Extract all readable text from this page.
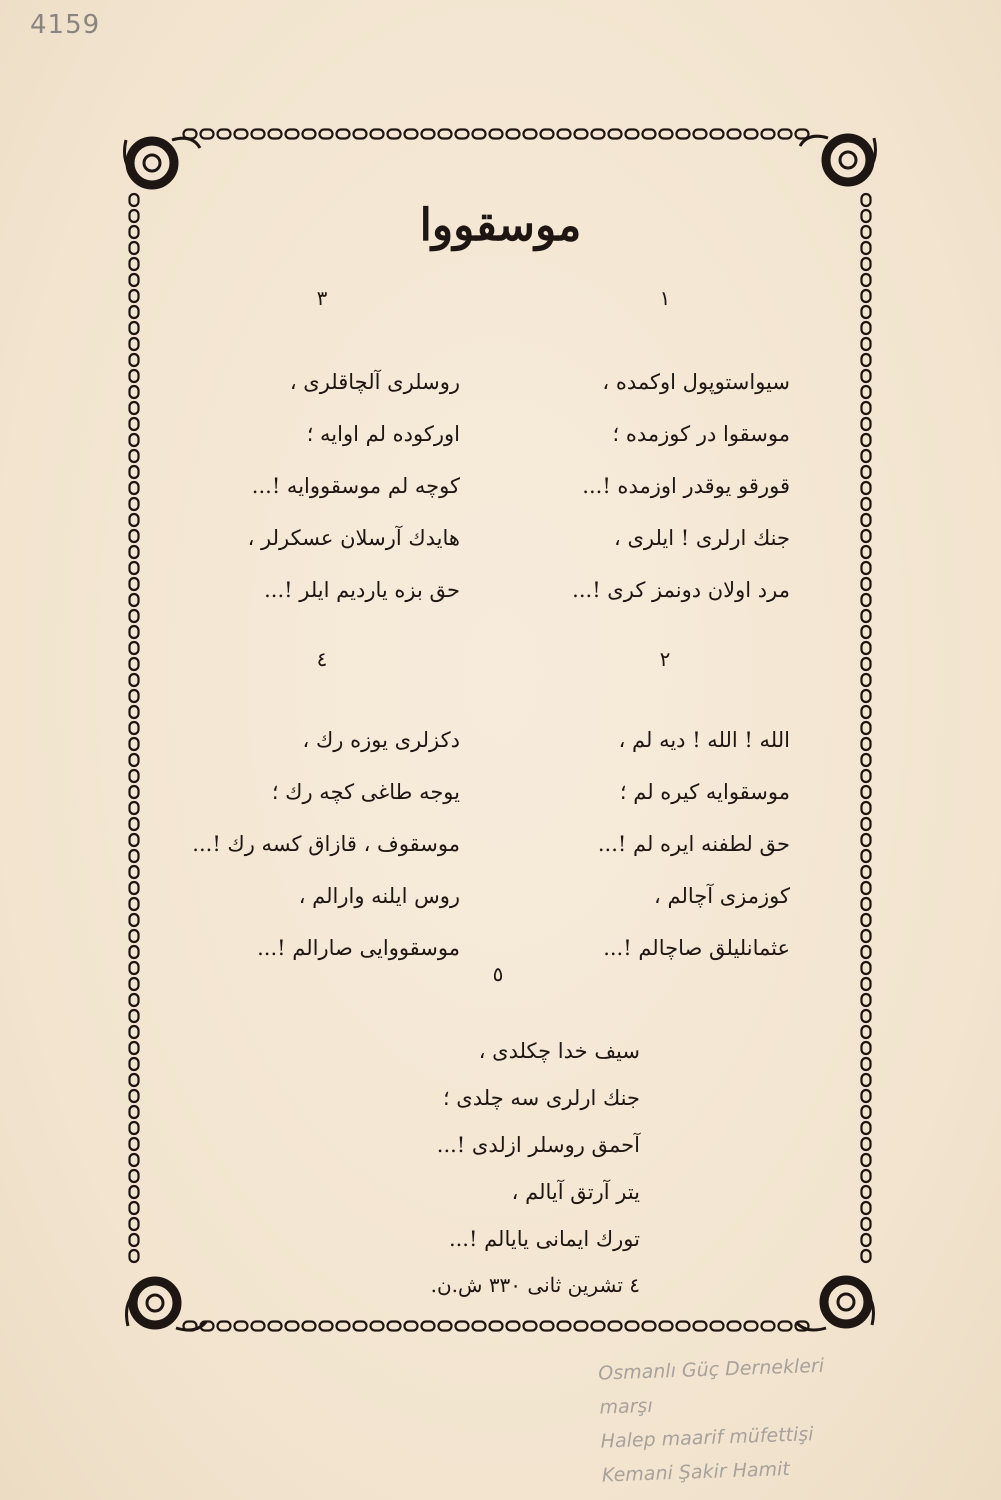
4159
موسقووا
١
٣
٢
٤
٥
سیواستوپول اوكمده ،
موسقوا در كوزمده ؛
قورقو یوقدر اوزمده !...
جنك ارلری ! ایلری ،
مرد اولان دونمز كری !...
روسلری آلچاقلری ،
اوركوده لم اوایه ؛
كوچه لم موسقووایه !...
هایدك آرسلان عسكرلر ،
حق بزه یاردیم ایلر !...
الله ! الله ! دیه لم ،
موسقوایه كیره لم ؛
حق لطفنه ایره لم !...
كوزمزی آچالم ،
عثمانلیلق صاچالم !...
دكزلری یوزه رك ،
یوجه طاغی كچه رك ؛
موسقوف ، قازاق كسه رك !...
روس ایلنه وارالم ،
موسقووایی صارالم !...
سیف خدا چكلدی ،
جنك ارلری سه چلدی ؛
آحمق روسلر ازلدی !...
یتر آرتق آیالم ،
تورك ایمانی یایالم !...
٤ تشرین ثانی ٣٣٠ ش.ن.
Osmanlı Güç Dernekleri
marşı
Halep maarif müfettişi
Kemani Şakir Hamit
